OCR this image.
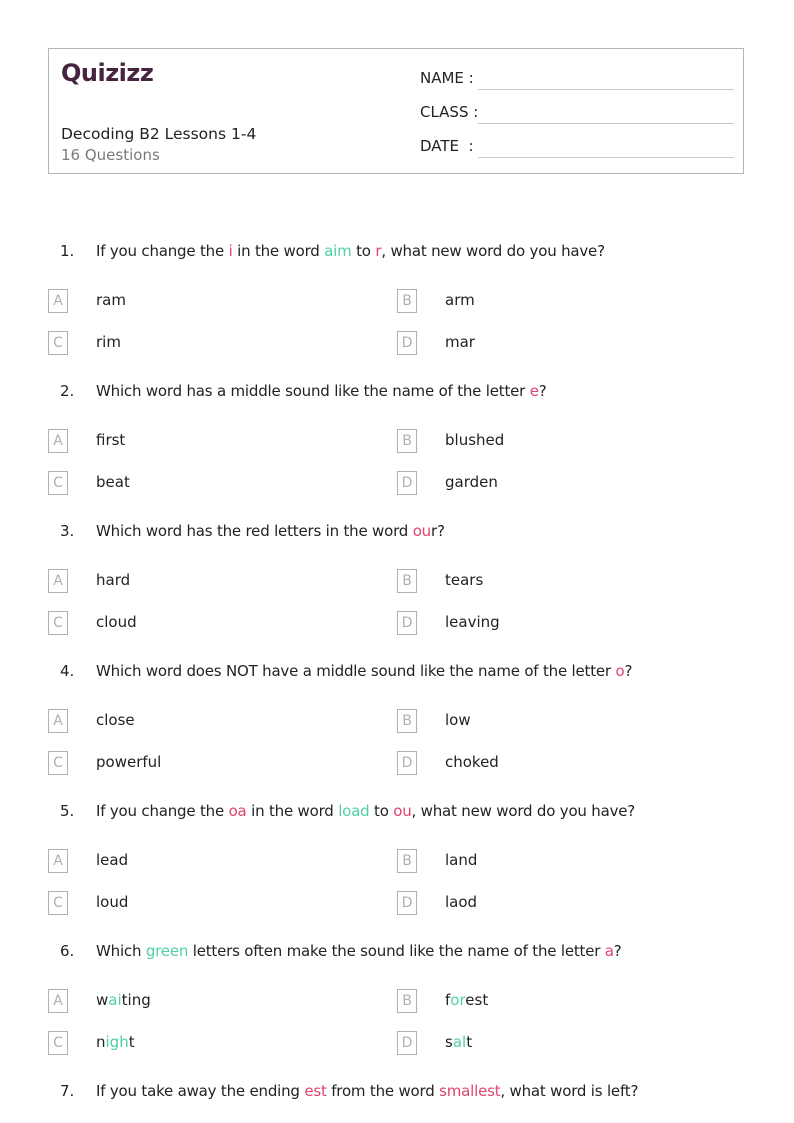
Quizizz
Decoding B2 Lessons 1-4
16 Questions
NAME :
CLASS :
DATE  :
1. If you change the i in the word aim to r, what new word do you have?
A	ram	B	arm
C	rim	D	mar
2. Which word has a middle sound like the name of the letter e?
A	first	B	blushed
C	beat	D	garden
3. Which word has the red letters in the word our?
A	hard	B	tears
C	cloud	D	leaving
4. Which word does NOT have a middle sound like the name of the letter o?
A	close	B	low
C	powerful	D	choked
5. If you change the oa in the word load to ou, what new word do you have?
A	lead	B	land
C	loud	D	laod
6. Which green letters often make the sound like the name of the letter a?
A	waiting	B	forest
C	night	D	salt
7. If you take away the ending est from the word smallest, what word is left?
